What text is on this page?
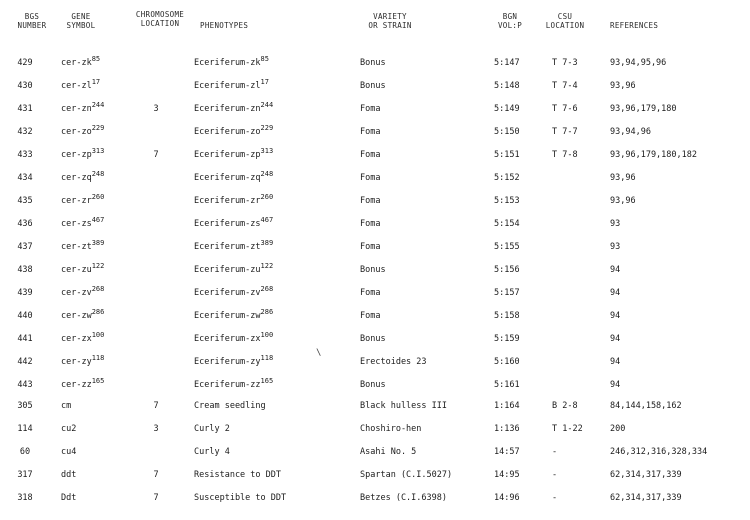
BGS
NUMBER
GENE
SYMBOL
CHROMOSOME
LOCATION	PHENOTYPES
VARIETY
OR STRAIN
BGN
VOL:P
CSU
LOCATION	REFERENCES
429	cer-$zk^{85}$	Eceriferum-$zk^{85}$	Bonus	5:147	T 7-3	93,94,95,96
430	cer-$zl^{17}$	Eceriferum-$zl^{17}$	Bonus	5:148	T 7-4	93,96
431	cer-$zn^{244}$	3	Eceriferum-$zn^{244}$	Foma	5:149	T 7-6	93,96,179,180
432	cer-$zo^{229}$	Eceriferum-$zo^{229}$	Foma	5:150	T 7-7	93,94,96
433	cer-$zp^{313}$	7	Eceriferum-$zp^{313}$	Foma	5:151	T 7-8	93,96,179,180,182
434	cer-$zq^{248}$	Eceriferum-$zq^{248}$	Foma	5:152	93,96
435	cer-$zr^{260}$	Eceriferum-$zr^{260}$	Foma	5:153	93,96
436	cer-$zs^{467}$	Eceriferum-$zs^{467}$	Foma	5:154	93
437	cer-$zt^{389}$	Eceriferum-$zt^{389}$	Foma	5:155	93
438	cer-$zu^{122}$	Eceriferum-$zu^{122}$	Bonus	5:156	94
439	cer-$zv^{268}$	Eceriferum-$zv^{268}$	Foma	5:157	94
440	cer-$zw^{286}$	Eceriferum-$zw^{286}$	Foma	5:158	94
441	cer-$zx^{100}$	Eceriferum-$zx^{100}$	Bonus	5:159	94
442	cer-$zy^{118}$	Eceriferum-$zy^{118}$	Erectoides 23	5:160	94
443	cer-$zz^{165}$	Eceriferum-$zz^{165}$	Bonus	5:161	94
305	cm	7	Cream seedling	Black hulless III	1:164	B 2-8	84,144,158,162
114	cu2	3	Curly 2	Choshiro-hen	1:136	T 1-22	200
60	cu4	Curly 4	Asahi No. 5	14:57	-	246,312,316,328,334
317	ddt	7	Resistance to DDT	Spartan (C.I.5027)	14:95	-	62,314,317,339
318	Ddt	7	Susceptible to DDT	Betzes (C.I.6398)	14:96	-	62,314,317,339
\
